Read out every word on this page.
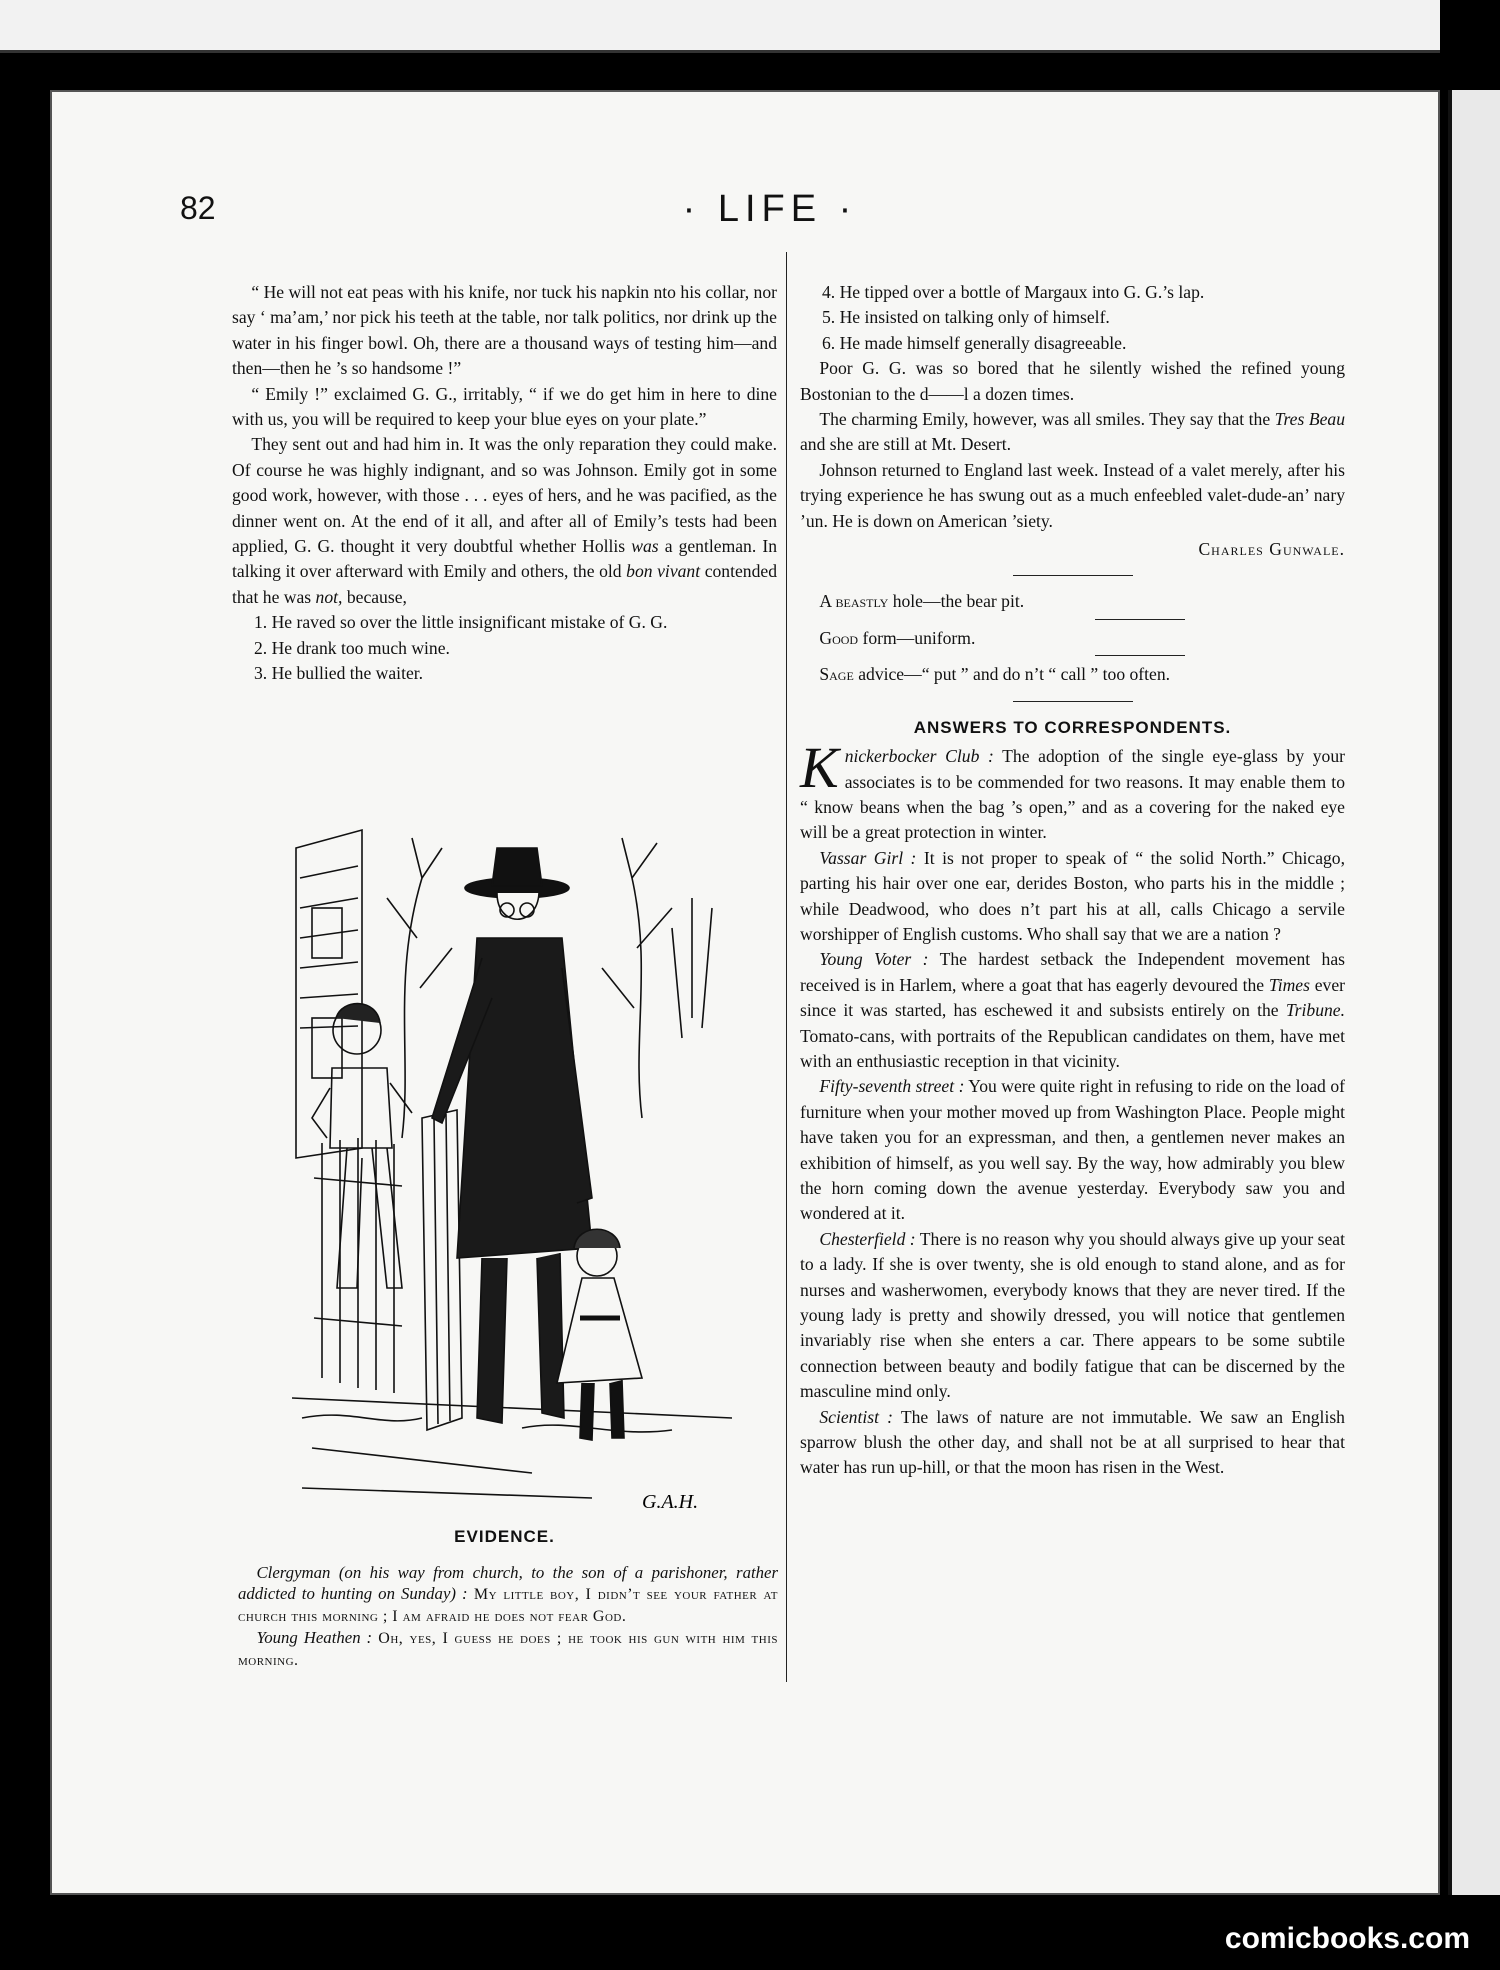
82	· LIFE ·

“ He will not eat peas with his knife, nor tuck his napkin nto his collar, nor say ‘ ma’am,’ nor pick his teeth at the table, nor talk politics, nor drink up the water in his finger bowl. Oh, there are a thousand ways of testing him—and then—then he ’s so handsome !”

“ Emily !” exclaimed G. G., irritably, “ if we do get him in here to dine with us, you will be required to keep your blue eyes on your plate.”

They sent out and had him in. It was the only reparation they could make. Of course he was highly indignant, and so was Johnson. Emily got in some good work, however, with those . . . eyes of hers, and he was pacified, as the dinner went on. At the end of it all, and after all of Emily’s tests had been applied, G. G. thought it very doubtful whether Hollis was a gentleman. In talking it over afterward with Emily and others, the old bon vivant contended that he was not, because,

1. He raved so over the little insignificant mistake of G. G.

2. He drank too much wine.

3. He bullied the waiter.

G.A.H.
EVIDENCE.

Clergyman (on his way from church, to the son of a parishoner, rather addicted to hunting on Sunday) : My little boy, I didn’t see your father at church this morning ; I am afraid he does not fear God.

Young Heathen : Oh, yes, I guess he does ; he took his gun with him this morning.

4. He tipped over a bottle of Margaux into G. G.’s lap.

5. He insisted on talking only of himself.

6. He made himself generally disagreeable.

Poor G. G. was so bored that he silently wished the refined young Bostonian to the d——l a dozen times.

The charming Emily, however, was all smiles. They say that the Tres Beau and she are still at Mt. Desert.

Johnson returned to England last week. Instead of a valet merely, after his trying experience he has swung out as a much enfeebled valet-dude-an’ nary ’un. He is down on American ’siety.

Charles Gunwale.

A beastly hole—the bear pit.

Good form—uniform.

Sage advice—“ put ” and do n’t “ call ” too often.

ANSWERS TO CORRESPONDENTS.

Knickerbocker Club : The adoption of the single eye-glass by your associates is to be commended for two reasons. It may enable them to “ know beans when the bag ’s open,” and as a covering for the naked eye will be a great protection in winter.

Vassar Girl : It is not proper to speak of “ the solid North.” Chicago, parting his hair over one ear, derides Boston, who parts his in the middle ; while Deadwood, who does n’t part his at all, calls Chicago a servile worshipper of English customs. Who shall say that we are a nation ?

Young Voter : The hardest setback the Independent movement has received is in Harlem, where a goat that has eagerly devoured the Times ever since it was started, has eschewed it and subsists entirely on the Tribune. Tomato-cans, with portraits of the Republican candidates on them, have met with an enthusiastic reception in that vicinity.

Fifty-seventh street : You were quite right in refusing to ride on the load of furniture when your mother moved up from Washington Place. People might have taken you for an expressman, and then, a gentlemen never makes an exhibition of himself, as you well say. By the way, how admirably you blew the horn coming down the avenue yesterday. Everybody saw you and wondered at it.

Chesterfield : There is no reason why you should always give up your seat to a lady. If she is over twenty, she is old enough to stand alone, and as for nurses and washerwomen, everybody knows that they are never tired. If the young lady is pretty and showily dressed, you will notice that gentlemen invariably rise when she enters a car. There appears to be some subtile connection between beauty and bodily fatigue that can be discerned by the masculine mind only.

Scientist : The laws of nature are not immutable. We saw an English sparrow blush the other day, and shall not be at all surprised to hear that water has run up-hill, or that the moon has risen in the West.

comicbooks.com
